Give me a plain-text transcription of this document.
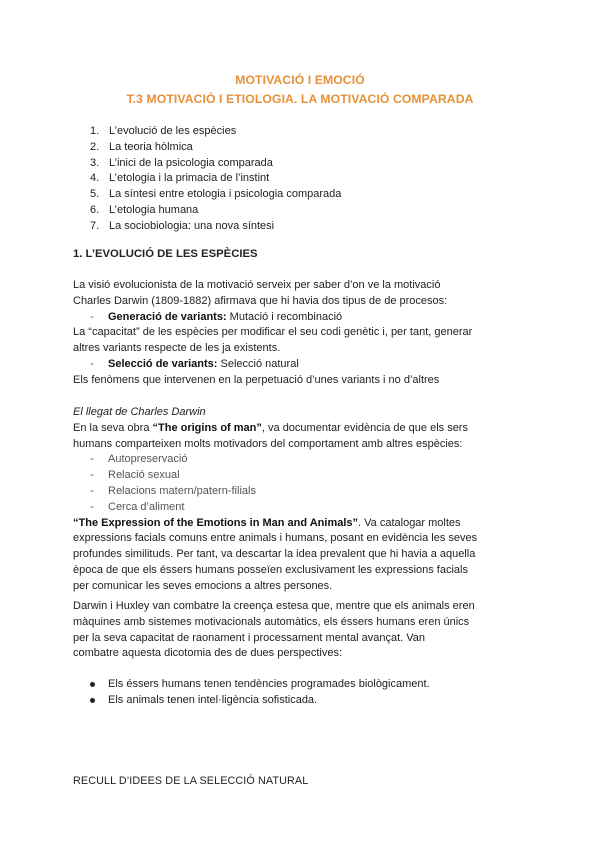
MOTIVACIÓ I EMOCIÓ
T.3 MOTIVACIÓ I ETIOLOGIA. LA MOTIVACIÓ COMPARADA
1. L’evolució de les espècies
2. La teoria hòlmica
3. L’inici de la psicologia comparada
4. L’etologia i la primacia de l’instint
5. La síntesi entre etologia i psicologia comparada
6. L’etologia humana
7. La sociobiologia: una nova síntesi
1. L’EVOLUCIÓ DE LES ESPÈCIES

La visió evolucionista de la motivació serveix per saber d’on ve la motivació

Charles Darwin (1809-1882) afirmava que hi havia dos tipus de de procesos:

-	Generació de variants: Mutació i recombinació

La “capacitat” de les espècies per modificar el seu codi genètic i, per tant, generar

altres variants respecte de les ja existents.

-	Selecció de variants: Selecció natural

Els fenòmens que intervenen en la perpetuació d’unes variants i no d’altres

El llegat de Charles Darwin

En la seva obra “The origins of man”, va documentar evidència de que els sers

humans comparteixen molts motivadors del comportament amb altres espècies:

-	Autopreservació
-	Relació sexual
-	Relacions matern/patern-filials
-	Cerca d’aliment

“The Expression of the Emotions in Man and Animals”. Va catalogar moltes

expressions facials comuns entre animals i humans, posant en evidència les seves

profundes similituds. Per tant, va descartar la idea prevalent que hi havia a aquella

època de que els éssers humans posseïen exclusivament les expressions facials

per comunicar les seves emocions a altres persones.

Darwin i Huxley van combatre la creença estesa que, mentre que els animals eren

màquines amb sistemes motivacionals automàtics, els éssers humans eren únics

per la seva capacitat de raonament i processament mental avançat. Van

combatre aquesta dicotomia des de dues perspectives:

Els éssers humans tenen tendències programades biològicament.
Els animals tenen intel·ligència sofisticada.
RECULL D’IDEES DE LA SELECCIÓ NATURAL
